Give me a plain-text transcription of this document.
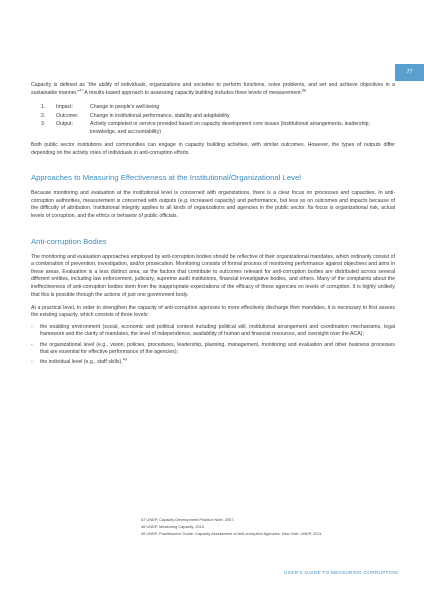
77

Capacity is defined as “the ability of individuals, organizations and societies to perform functions, solve problems, and set and achieve objectives in a sustainable manner.”$^{47}$ A results-based approach to assessing capacity building includes three levels of measurement:$^{48}$

1.	Impact:	Change in people’s well-being
2.	Outcome:	Change in institutional performance, stability and adaptability
3.	Output:	Activity completed or service provided based on capacity development core issues (institutional arrangements, leadership, knowledge, and accountability)

Both public sector institutions and communities can engage in capacity building activities, with similar outcomes. However, the types of outputs differ depending on the activity roles of individuals in anti-corruption efforts.

Approaches to Measuring Effectiveness at the Institutional/Organizational Level

Because monitoring and evaluation at the institutional level is concerned with organizations, there is a clear focus on processes and capacities. In anti-corruption authorities, measurement is concerned with outputs (e.g. increased capacity) and performance, but less so on outcomes and impacts because of the difficulty of attribution. Institutional integrity applies to all kinds of organizations and agencies in the public sector. Its focus is organizational risk, actual levels of corruption, and the ethics or behavior of public officials.

Anti-corruption Bodies

The monitoring and evaluation approaches employed by anti-corruption bodies should be reflective of their organizational mandates, which ordinarily consist of a combination of prevention, investigation, and/or prosecution. Monitoring consists of formal process of monitoring performance against objectives and aims in these areas. Evaluation is a less distinct area, as the factors that contribute to outcomes relevant for anti-corruption bodies are distributed across several different entities, including law enforcement, judiciary, supreme audit institutions, financial investigative bodies, and others. Many of the complaints about the ineffectiveness of anti-corruption bodies stem from the inappropriate expectations of the efficacy of these agencies on levels of corruption. It is highly unlikely that this is possible through the actions of just one government body.

At a practical level, in order to strengthen the capacity of anti-corruption agencies to more effectively discharge their mandates, it is necessary to first assess the existing capacity, which consists of three levels:

-	the enabling environment (social, economic and political context including political will, institutional arrangement and coordination mechanisms, legal framework and the clarity of mandates, the level of independence, availability of human and financial resources, and oversight over the ACA);
-	the organizational level (e.g., vision, policies, procedures, leadership, planning, management, monitoring and evaluation and other business processes that are essential for effective performance of the agencies);
-	the individual level (e.g., staff skills).$^{49}$
47 UNDP, Capacity Development Practice Note, 2007.
48 UNDP, Measuring Capacity, 2010.
49 UNDP, Practitioners' Guide: Capacity Assessment of Anti-corruption Agencies. New York: UNDP, 2011.
USER'S GUIDE TO MEASURING CORRUPTION
